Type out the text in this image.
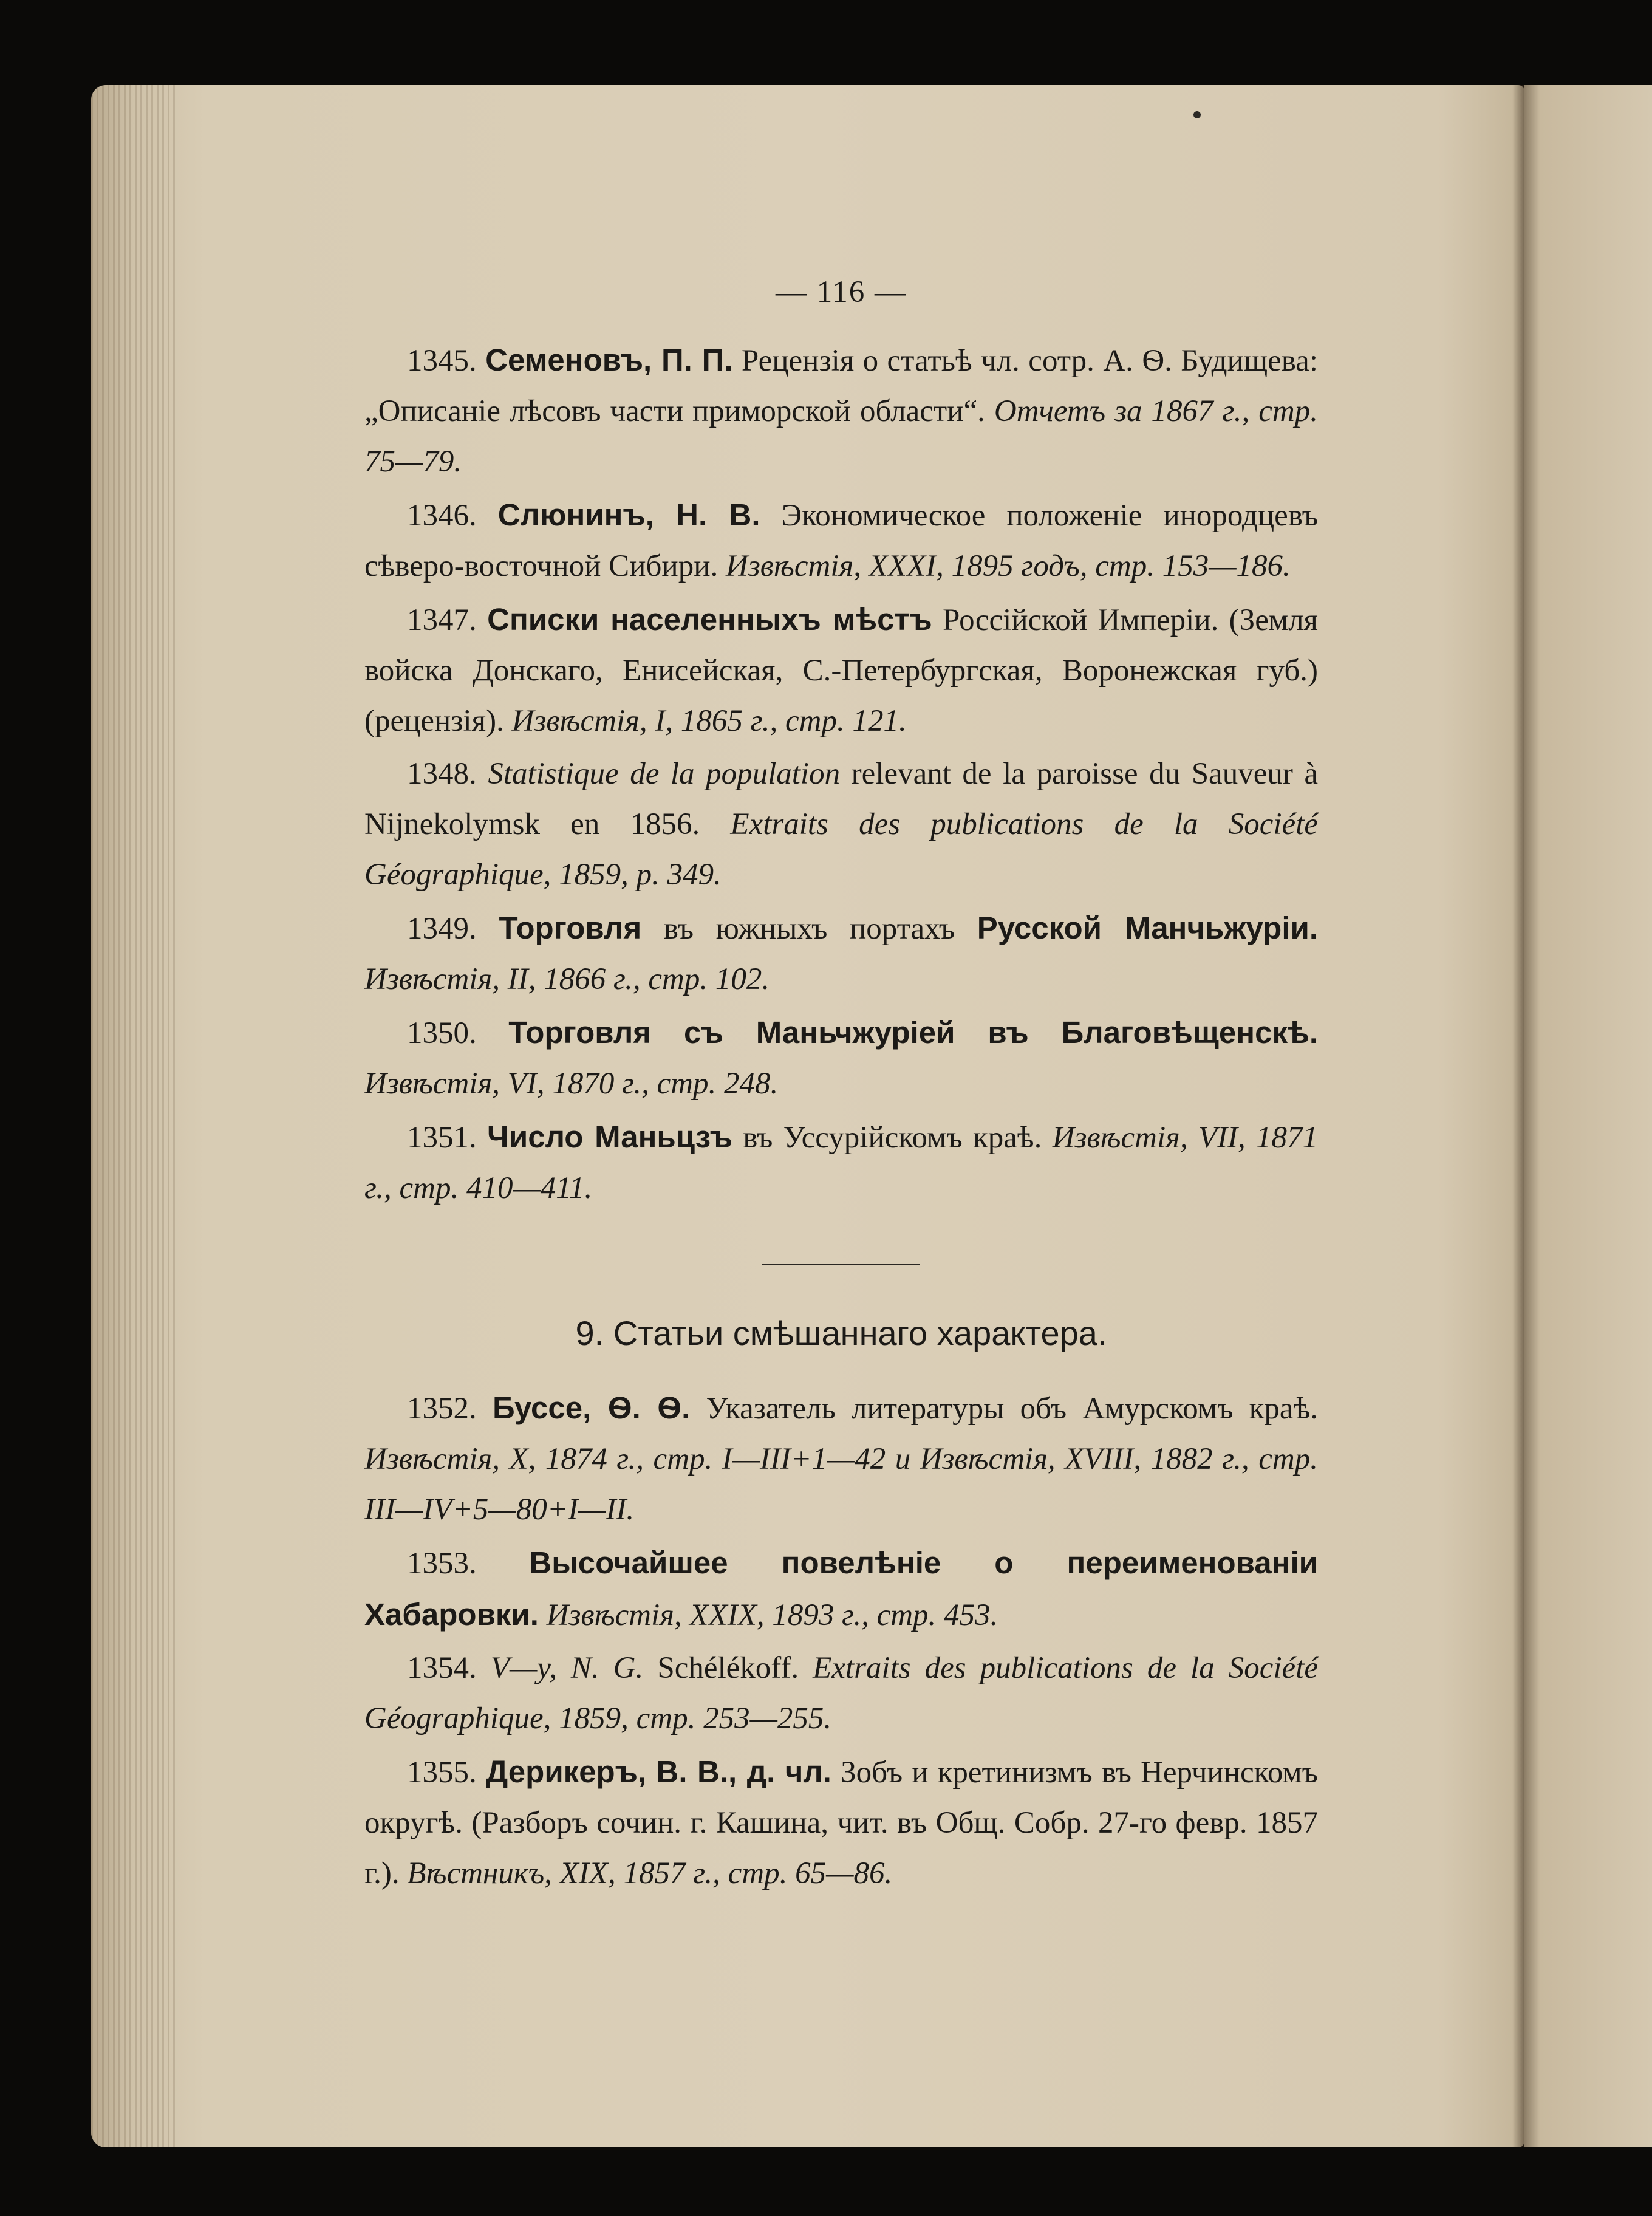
— 116 —

1345. Семеновъ, П. П. Рецензія о статьѣ чл. сотр. А. Ѳ. Будищева: „Описаніе лѣсовъ части приморской области“. Отчетъ за 1867 г., стр. 75—79.

1346. Слюнинъ, Н. В. Экономическое положеніе инородцевъ сѣверо-восточной Сибири. Извѣстія, XXXI, 1895 годъ, стр. 153—186.

1347. Списки населенныхъ мѣстъ Россійской Имперіи. (Земля войска Донскаго, Енисейская, С.-Петербургская, Воронежская губ.) (рецензія). Извѣстія, I, 1865 г., стр. 121.

1348. Statistique de la population relevant de la paroisse du Sauveur à Nijnekolymsk en 1856. Extraits des publications de la Société Géographique, 1859, p. 349.

1349. Торговля въ южныхъ портахъ Русской Манчьжуріи. Извѣстія, II, 1866 г., стр. 102.

1350. Торговля съ Маньчжуріей въ Благовѣщенскѣ. Извѣстія, VI, 1870 г., стр. 248.

1351. Число Маньцзъ въ Уссурійскомъ краѣ. Извѣстія, VII, 1871 г., стр. 410—411.

9. Статьи смѣшаннаго характера.

1352. Буссе, Ѳ. Ѳ. Указатель литературы объ Амурскомъ краѣ. Извѣстія, X, 1874 г., стр. I—III+1—42 и Извѣстія, XVIII, 1882 г., стр. III—IV+5—80+I—II.

1353. Высочайшее повелѣніе о переименованіи Хабаровки. Извѣстія, XXIX, 1893 г., стр. 453.

1354. V—y, N. G. Schélékoff. Extraits des publications de la Société Géographique, 1859, стр. 253—255.

1355. Дерикеръ, В. В., д. чл. Зобъ и кретинизмъ въ Нерчинскомъ округѣ. (Разборъ сочин. г. Кашина, чит. въ Общ. Собр. 27-го февр. 1857 г.). Вѣстникъ, XIX, 1857 г., стр. 65—86.
